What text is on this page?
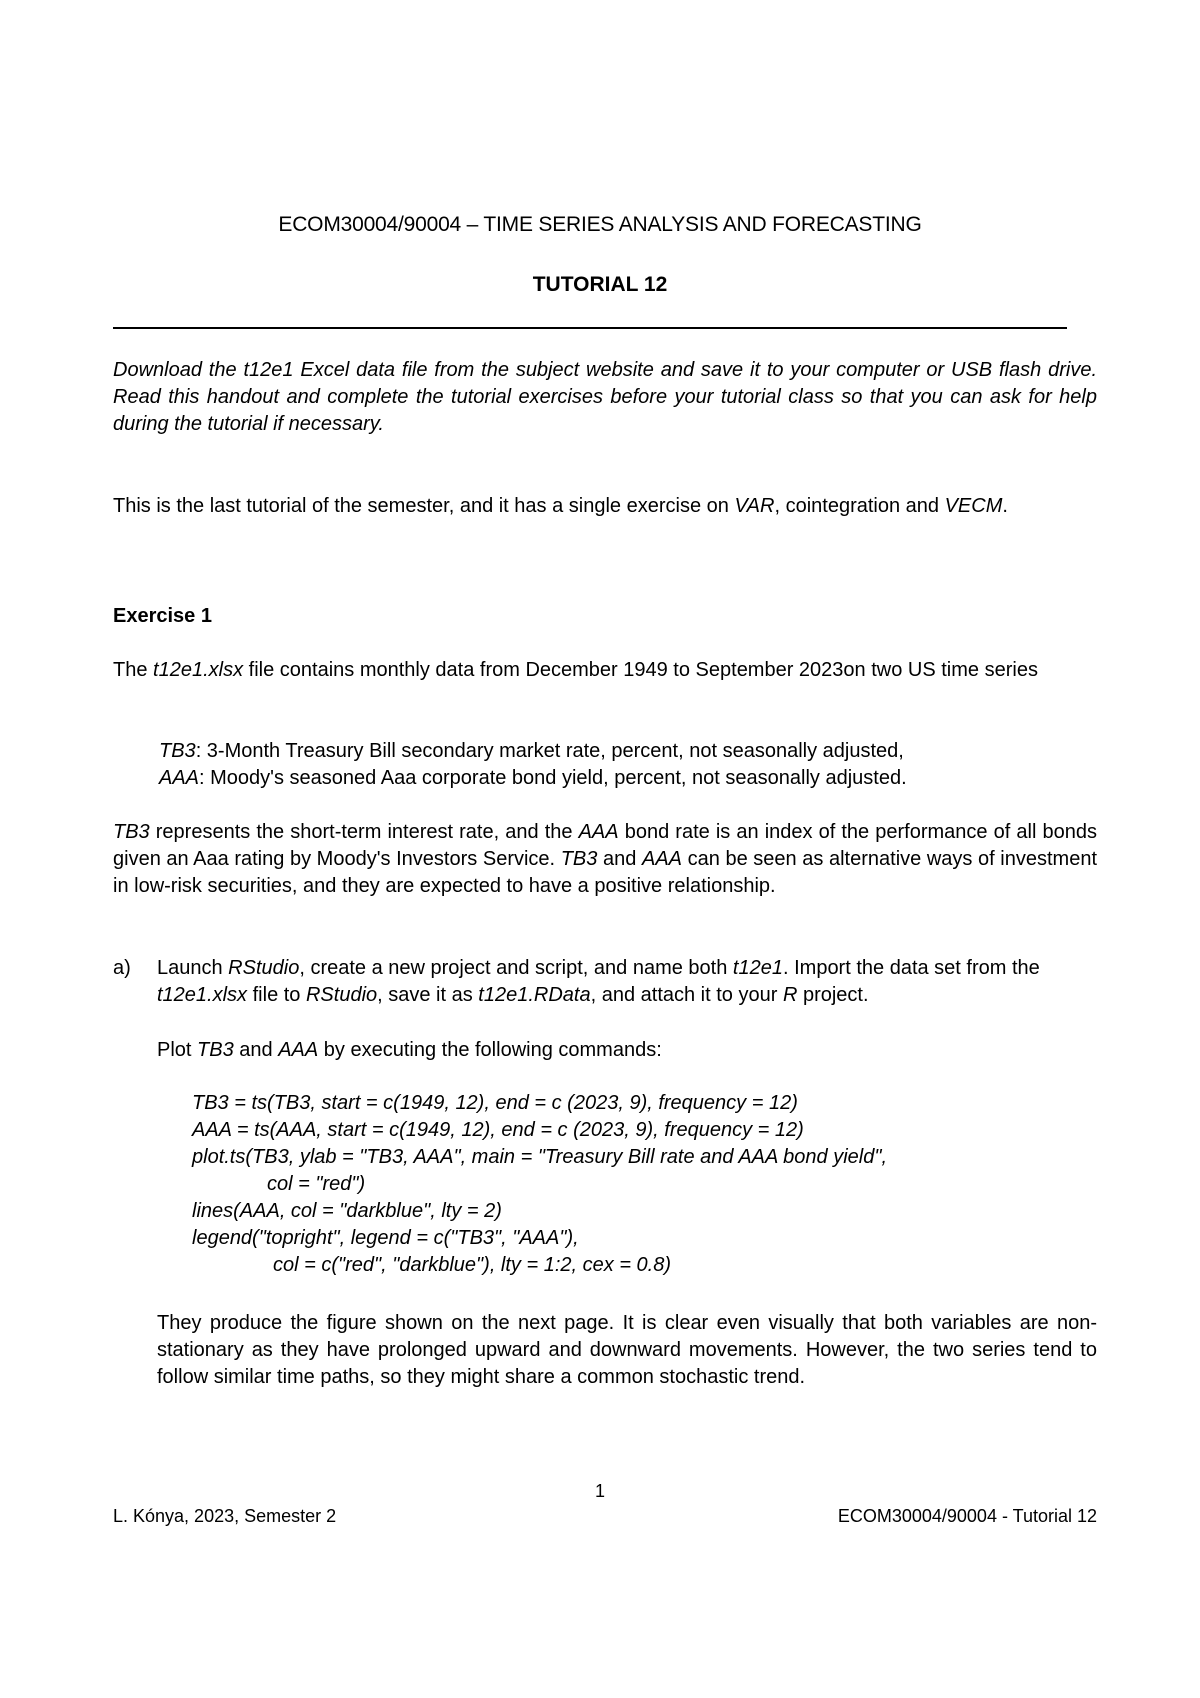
ECOM30004/90004 – TIME SERIES ANALYSIS AND FORECASTING
TUTORIAL 12

Download the t12e1 Excel data file from the subject website and save it to your computer or USB flash drive. Read this handout and complete the tutorial exercises before your tutorial class so that you can ask for help during the tutorial if necessary.

This is the last tutorial of the semester, and it has a single exercise on VAR, cointegration and VECM.

Exercise 1

The t12e1.xlsx file contains monthly data from December 1949 to September 2023on two US time series

TB3: 3-Month Treasury Bill secondary market rate, percent, not seasonally adjusted,
AAA: Moody's seasoned Aaa corporate bond yield, percent, not seasonally adjusted.

TB3 represents the short-term interest rate, and the AAA bond rate is an index of the performance of all bonds given an Aaa rating by Moody's Investors Service. TB3 and AAA can be seen as alternative ways of investment in low-risk securities, and they are expected to have a positive relationship.

a) Launch RStudio, create a new project and script, and name both t12e1. Import the data set from the t12e1.xlsx file to RStudio, save it as t12e1.RData, and attach it to your R project.

Plot TB3 and AAA by executing the following commands:

TB3 = ts(TB3, start = c(1949, 12), end = c (2023, 9), frequency = 12)
AAA = ts(AAA, start = c(1949, 12), end = c (2023, 9), frequency = 12)
plot.ts(TB3, ylab = "TB3, AAA", main = "Treasury Bill rate and AAA bond yield",
col = "red")
lines(AAA, col = "darkblue", lty = 2)
legend("topright", legend = c("TB3", "AAA"),
col = c("red", "darkblue"), lty = 1:2, cex = 0.8)

They produce the figure shown on the next page. It is clear even visually that both variables are non-stationary as they have prolonged upward and downward movements. However, the two series tend to follow similar time paths, so they might share a common stochastic trend.

1
L. Kónya, 2023, Semester 2	ECOM30004/90004 - Tutorial 12
